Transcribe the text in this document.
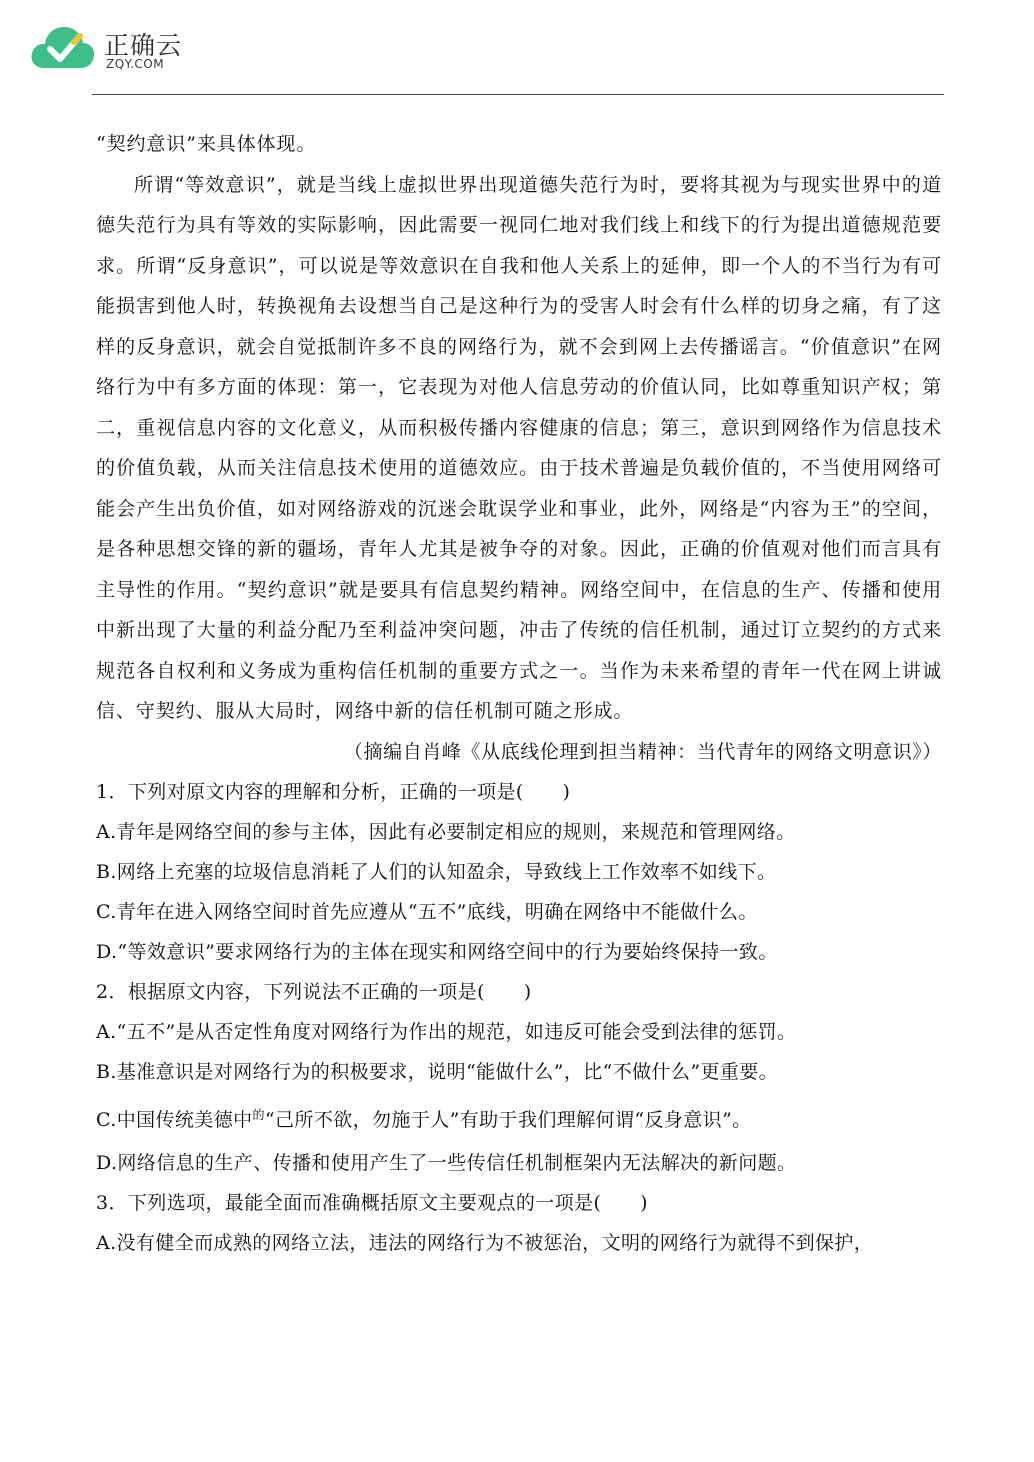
正确云
ZQY.COM

“契约意识”来具体体现。

所谓“等效意识”，就是当线上虚拟世界出现道德失范行为时，要将其视为与现实世界中的道德失范行为具有等效的实际影响，因此需要一视同仁地对我们线上和线下的行为提出道德规范要求。所谓“反身意识”，可以说是等效意识在自我和他人关系上的延伸，即一个人的不当行为有可能损害到他人时，转换视角去设想当自己是这种行为的受害人时会有什么样的切身之痛，有了这样的反身意识，就会自觉抵制许多不良的网络行为，就不会到网上去传播谣言。“价值意识”在网络行为中有多方面的体现：第一，它表现为对他人信息劳动的价值认同，比如尊重知识产权；第二，重视信息内容的文化意义，从而积极传播内容健康的信息；第三，意识到网络作为信息技术的价值负载，从而关注信息技术使用的道德效应。由于技术普遍是负载价值的，不当使用网络可能会产生出负价值，如对网络游戏的沉迷会耽误学业和事业，此外，网络是“内容为王”的空间，是各种思想交锋的新的疆场，青年人尤其是被争夺的对象。因此，正确的价值观对他们而言具有主导性的作用。“契约意识”就是要具有信息契约精神。网络空间中，在信息的生产、传播和使用中新出现了大量的利益分配乃至利益冲突问题，冲击了传统的信任机制，通过订立契约的方式来规范各自权利和义务成为重构信任机制的重要方式之一。当作为未来希望的青年一代在网上讲诚信、守契约、服从大局时，网络中新的信任机制可随之形成。

（摘编自肖峰《从底线伦理到担当精神：当代青年的网络文明意识》）

1．下列对原文内容的理解和分析，正确的一项是(　　)

A.青年是网络空间的参与主体，因此有必要制定相应的规则，来规范和管理网络。

B.网络上充塞的垃圾信息消耗了人们的认知盈余，导致线上工作效率不如线下。

C.青年在进入网络空间时首先应遵从“五不”底线，明确在网络中不能做什么。

D.“等效意识”要求网络行为的主体在现实和网络空间中的行为要始终保持一致。

2．根据原文内容，下列说法不正确的一项是(　　)

A.“五不”是从否定性角度对网络行为作出的规范，如违反可能会受到法律的惩罚。

B.基准意识是对网络行为的积极要求，说明“能做什么”，比“不做什么”更重要。

C.中国传统美德中$^的$“己所不欲，勿施于人”有助于我们理解何谓“反身意识”。

D.网络信息的生产、传播和使用产生了一些传信任机制框架内无法解决的新问题。

3．下列选项，最能全面而准确概括原文主要观点的一项是(　　)

A.没有健全而成熟的网络立法，违法的网络行为不被惩治，文明的网络行为就得不到保护，
